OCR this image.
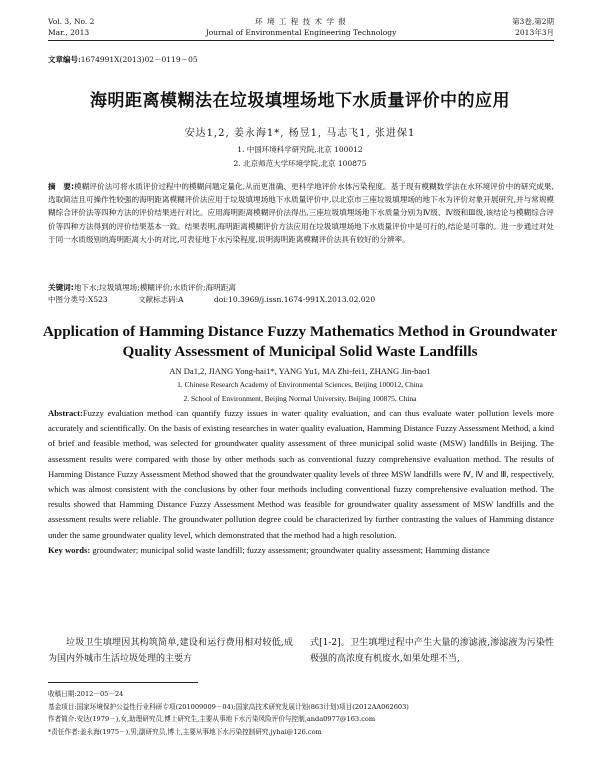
Vol. 3, No. 2
Mar., 2013
环 境 工 程 技 术 学 报
Journal of Environmental Engineering Technology
第3卷,第2期
2013年3月
文章编号:1674991X(2013)02－0119－05
海明距离模糊法在垃圾填埋场地下水质量评价中的应用
安达1,2, 姜永海1*, 杨昱1, 马志飞1, 张进保1
1. 中国环境科学研究院,北京 100012
2. 北京师范大学环境学院,北京 100875
摘　要:模糊评价法可将水质评价过程中的模糊问题定量化,从而更准确、更科学地评价水体污染程度。基于现有模糊数学法在水环境评价中的研究成果,选取简洁且可操作性较强的海明距离模糊评价法应用于垃圾填埋场地下水质量评价中,以北京市三座垃圾填埋场的地下水为评价对象开展研究,并与常规模糊综合评价法等四种方法的评价结果进行对比。应用海明距离模糊评价法得出,三座垃圾填埋场地下水质量分别为Ⅳ级、Ⅳ级和Ⅲ级,该结论与模糊综合评价等四种方法得到的评价结果基本一致。结果表明,海明距离模糊评价方法应用在垃圾填埋场地下水质量评价中是可行的,结论是可靠的。进一步通过对处于同一水质级别的海明距离大小的对比,可表征地下水污染程度,说明海明距离模糊评价法具有较好的分辨率。
关键词:地下水;垃圾填埋场;模糊评价;水质评价;海明距离
中图分类号:X523	文献标志码:A	doi:10.3969/j.issn.1674-991X.2013.02.020
Application of Hamming Distance Fuzzy Mathematics Method in Groundwater Quality Assessment of Municipal Solid Waste Landfills
AN Da1,2, JIANG Yong-hai1*, YANG Yu1, MA Zhi-fei1, ZHANG Jin-bao1
1. Chinese Research Academy of Environmental Sciences, Beijing 100012, China
2. School of Environment, Beijing Normal University, Beijing 100875, China
Abstract:Fuzzy evaluation method can quantify fuzzy issues in water quality evaluation, and can thus evaluate water pollution levels more accurately and scientifically. On the basis of existing researches in water quality evaluation, Hamming Distance Fuzzy Assessment Method, a kind of brief and feasible method, was selected for groundwater quality assessment of three municipal solid waste (MSW) landfills in Beijing. The assessment results were compared with those by other methods such as conventional fuzzy comprehensive evaluation method. The results of Hamming Distance Fuzzy Assessment Method showed that the groundwater quality levels of three MSW landfills were Ⅳ, Ⅳ and Ⅲ, respectively, which was almost consistent with the conclusions by other four methods including conventional fuzzy comprehensive evaluation method. The results showed that Hamming Distance Fuzzy Assessment Method was feasible for groundwater quality assessment of MSW landfills and the assessment results were reliable. The groundwater pollution degree could be characterized by further contrasting the values of Hamming distance under the same groundwater quality level, which demonstrated that the method had a high resolution.
Key words: groundwater; municipal solid waste landfill; fuzzy assessment; groundwater quality assessment; Hamming distance
垃圾卫生填埋因其构筑简单,建设和运行费用相对较低,成为国内外城市生活垃圾处理的主要方
式[1-2]。卫生填埋过程中产生大量的渗滤液,渗滤液为污染性极强的高浓度有机废水,如果处理不当,
收稿日期:2012－05－24
基金项目:国家环境保护公益性行业科研专项(201009009－04);国家高技术研究发展计划(863计划)项目(2012AA062603)
作者简介:安达(1979－),女,助理研究员,博士研究生,主要从事地下水污染风险评价与控制,anda0977@163.com
*责任作者:姜永海(1975－),男,副研究员,博士,主要从事地下水污染控制研究,jyhai@126.com
